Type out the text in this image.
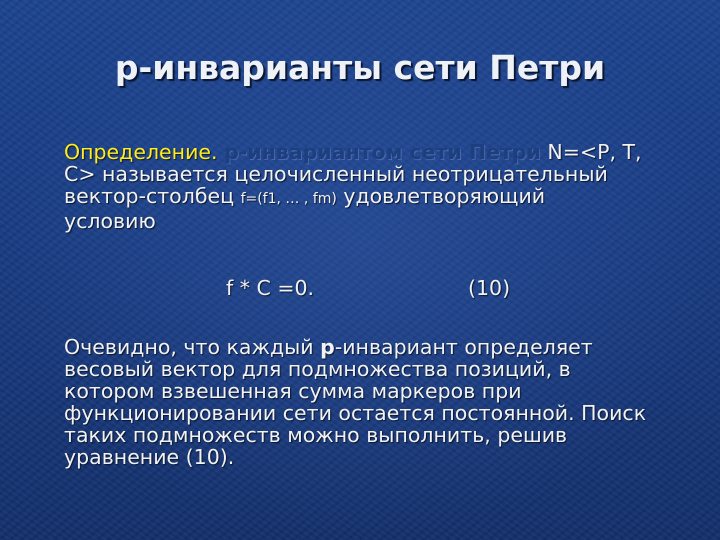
р-инварианты сети Петри

Определение. р-инвариантом сети Петри N=<P, T,
C> называется целочисленный неотрицательный
вектор-столбец f=(f1, … , fm) удовлетворяющий
условию

f * C =0.	(10)

Очевидно, что каждый р-инвариант определяет
весовый вектор для подмножества позиций, в
котором взвешенная сумма маркеров при
функционировании сети остается постоянной. Поиск
таких подмножеств можно выполнить, решив
уравнение (10).
